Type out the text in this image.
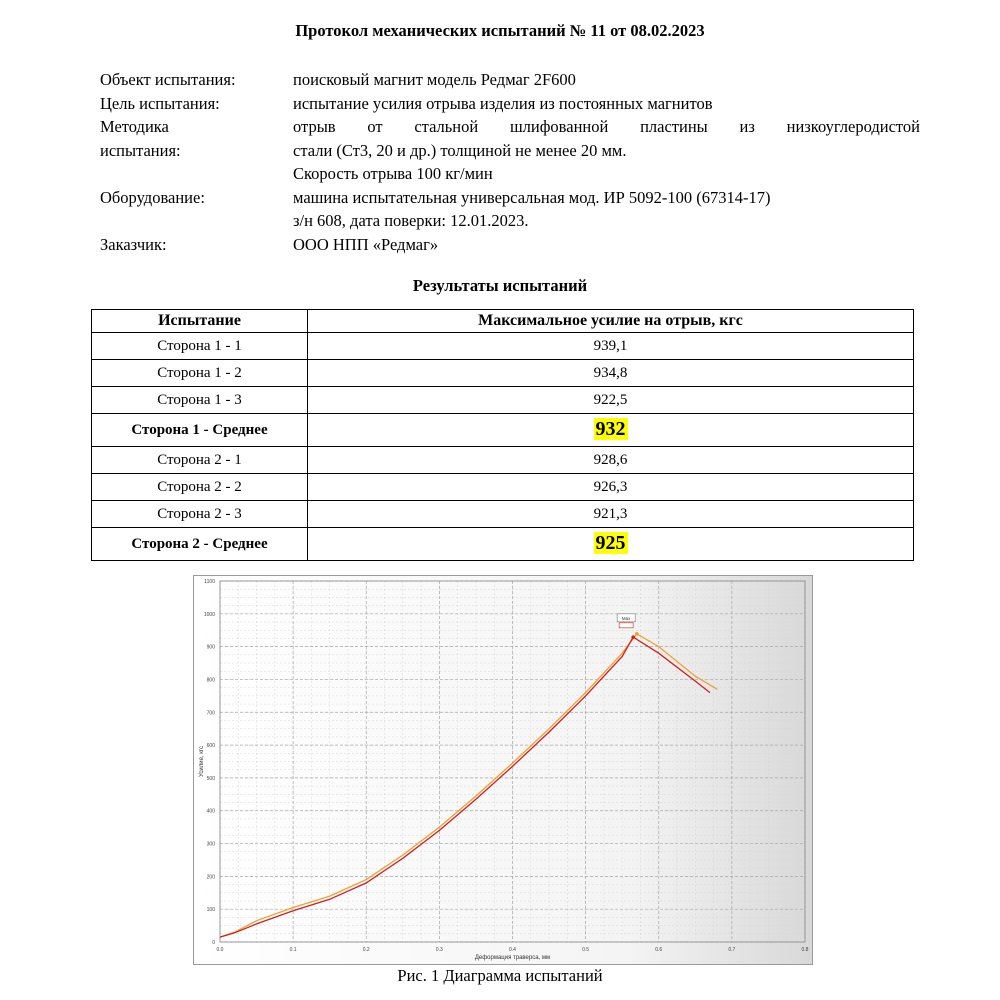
Протокол механических испытаний № 11 от 08.02.2023
Объект испытания:	поисковый магнит модель Редмаг 2F600
Цель испытания:	испытание усилия отрыва изделия из постоянных магнитов
Методика
испытания:
отрыв от стальной шлифованной пластины из низкоуглеродистой
стали (Ст3, 20 и др.) толщиной не менее 20 мм.
Скорость отрыва 100 кг/мин
Оборудование:	машина испытательная универсальная мод. ИР 5092-100 (67314-17)
з/н 608, дата поверки: 12.01.2023.
Заказчик:	ООО НПП «Редмаг»
Результаты испытаний
Испытание	Максимальное усилие на отрыв, кгс
Сторона 1 - 1	939,1
Сторона 1 - 2	934,8
Сторона 1 - 3	922,5
Сторона 1 - Среднее	932
Сторона 2 - 1	928,6
Сторона 2 - 2	926,3
Сторона 2 - 3	921,3
Сторона 2 - Среднее	925
0
100
200
300
400
500
600
700
800
900
1000
1100
0.0	0.1	0.2	0.3	0.4	0.5	0.6	0.7	0.8
Max
Усилие, кгс
Деформация траверса, мм
Рис. 1 Диаграмма испытаний
